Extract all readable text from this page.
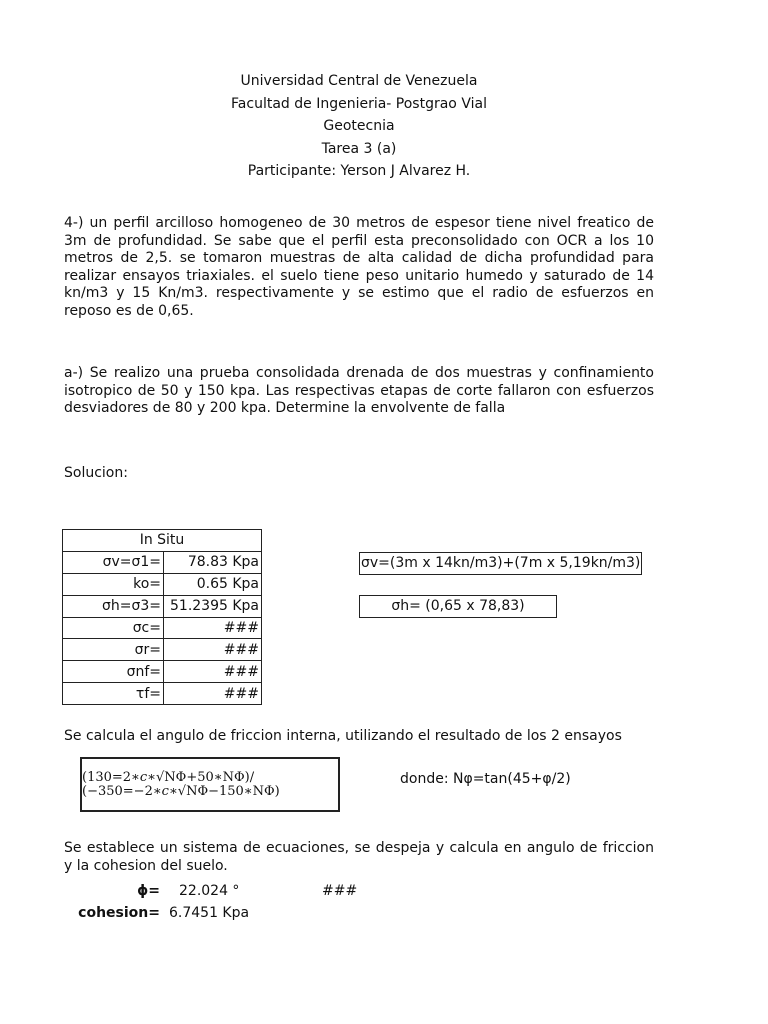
Universidad Central de Venezuela
Facultad de Ingenieria- Postgrao Vial
Geotecnia
Tarea 3 (a)
Participante: Yerson J Alvarez H.
4-) un perfil arcilloso homogeneo de 30 metros de espesor tiene nivel freatico de 3m de profundidad. Se sabe que el perfil esta preconsolidado con OCR a los 10 metros de 2,5. se tomaron muestras de alta calidad de dicha profundidad para realizar ensayos triaxiales. el suelo tiene peso unitario humedo y saturado de 14 kn/m3 y 15 Kn/m3. respectivamente y se estimo que el radio de esfuerzos en reposo es de 0,65.
a-) Se realizo una prueba consolidada drenada de dos muestras y confinamiento isotropico de 50 y 150 kpa. Las respectivas etapas de corte fallaron con esfuerzos desviadores de 80 y 200 kpa. Determine la envolvente de falla
Solucion:
In Situ	
σv=σ1=	78.83 Kpa
ko=	0.65 Kpa
σh=σ3=	51.2395 Kpa
σc=	###
σr=	###
σnf=	###
τf=	###
σv=(3m x 14kn/m3)+(7m x 5,19kn/m3)
σh= (0,65 x 78,83)
Se calcula el angulo de friccion interna, utilizando el resultado de los 2 ensayos
(130=2∗𝑐∗√NΦ+50∗NΦ)/
(−350=−2∗𝑐∗√NΦ−150∗NΦ)
donde: Nφ=tan(45+φ/2)
Se establece un sistema de ecuaciones, se despeja y calcula en angulo de friccion y la cohesion del suelo.
ϕ= 22.024 °	###
cohesion= 6.7451 Kpa
